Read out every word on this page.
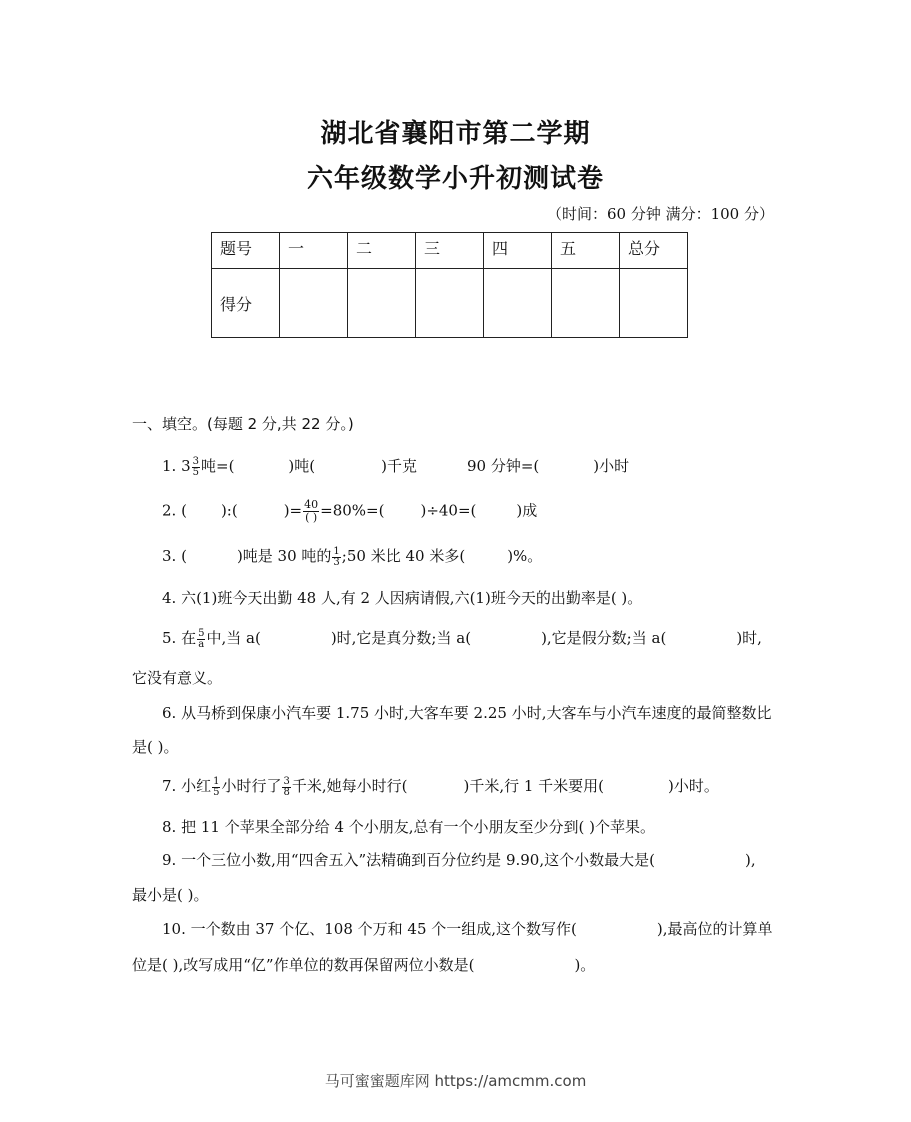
湖北省襄阳市第二学期
六年级数学小升初测试卷
（时间：60 分钟 满分：100 分）
题号	一	二	三	四	五	总分
得分						
一、填空。(每题 2 分,共 22 分。)
1. $3 \frac{3}{5}$ 吨=(	)吨(	)千克	90 分钟=(	)小时
2. ( ):(	)= $\frac{40}{( )} =80\%=$( )÷40=(	)成
3. (	)吨是 30 吨的 $\frac{1}{3}$ ;50 米比 40 米多(	)%。
4. 六(1)班今天出勤 48 人,有 2 人因病请假,六(1)班今天的出勤率是( )。
5. 在 $\frac{5}{a}$ 中,当 a(	)时,它是真分数;当 a(	),它是假分数;当 a(	)时,
它没有意义。
6. 从马桥到保康小汽车要 1.75 小时,大客车要 2.25 小时,大客车与小汽车速度的最简整数比
是( )。
7. 小红 $\frac{1}{5}$ 小时行了 $\frac{3}{8}$ 千米,她每小时行(	)千米,行 1 千米要用(	)小时。
8. 把 11 个苹果全部分给 4 个小朋友,总有一个小朋友至少分到( )个苹果。
9. 一个三位小数,用“四舍五入”法精确到百分位约是 9.90,这个小数最大是(	),
最小是( )。
10. 一个数由 37 个亿、108 个万和 45 个一组成,这个数写作(	),最高位的计算单
位是( ),改写成用“亿”作单位的数再保留两位小数是(	)。
马可蜜蜜题库网 https://amcmm.com
